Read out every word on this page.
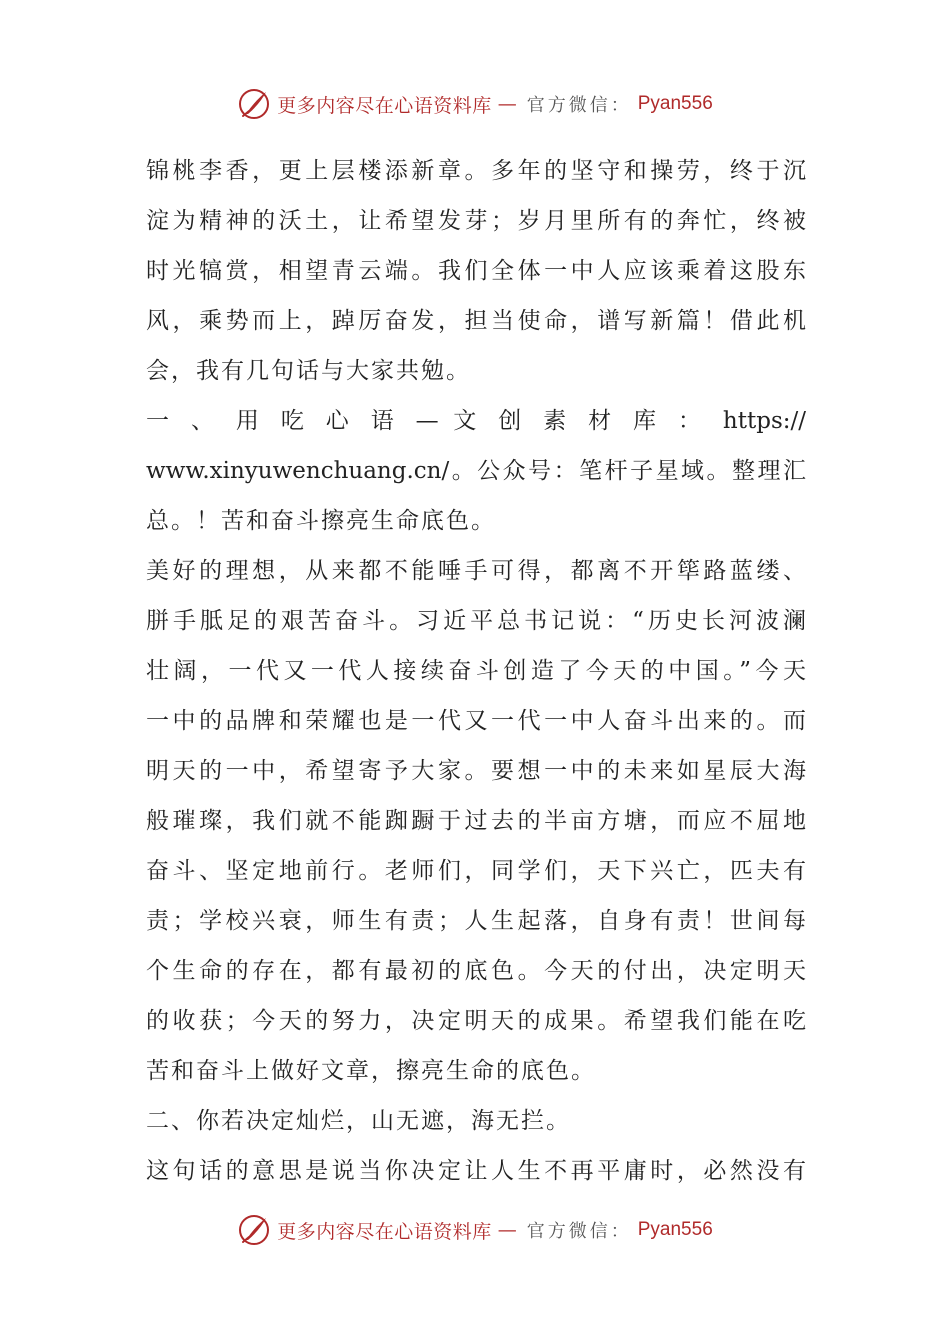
更多内容尽在心语资料库 — 官方微信： Pyan556
锦桃李香，更上层楼添新章。多年的坚守和操劳，终于沉
淀为精神的沃土，让希望发芽；岁月里所有的奔忙，终被
时光犒赏，相望青云端。我们全体一中人应该乘着这股东
风，乘势而上，踔厉奋发，担当使命，谱写新篇！借此机
会，我有几句话与大家共勉。
一 、 用 吃 心 语 — 文 创 素 材 库 ： https://
www.xinyuwenchuang.cn/。公众号：笔杆子星域。整理汇
总。！苦和奋斗擦亮生命底色。
美好的理想，从来都不能唾手可得，都离不开筚路蓝缕、
胼手胝足的艰苦奋斗。习近平总书记说：“历史长河波澜
壮阔，一代又一代人接续奋斗创造了今天的中国。”今天
一中的品牌和荣耀也是一代又一代一中人奋斗出来的。而
明天的一中，希望寄予大家。要想一中的未来如星辰大海
般璀璨，我们就不能踟蹰于过去的半亩方塘，而应不屈地
奋斗、坚定地前行。老师们，同学们，天下兴亡，匹夫有
责；学校兴衰，师生有责；人生起落，自身有责！世间每
个生命的存在，都有最初的底色。今天的付出，决定明天
的收获；今天的努力，决定明天的成果。希望我们能在吃
苦和奋斗上做好文章，擦亮生命的底色。
二、你若决定灿烂，山无遮，海无拦。
这句话的意思是说当你决定让人生不再平庸时，必然没有
更多内容尽在心语资料库 — 官方微信： Pyan556
